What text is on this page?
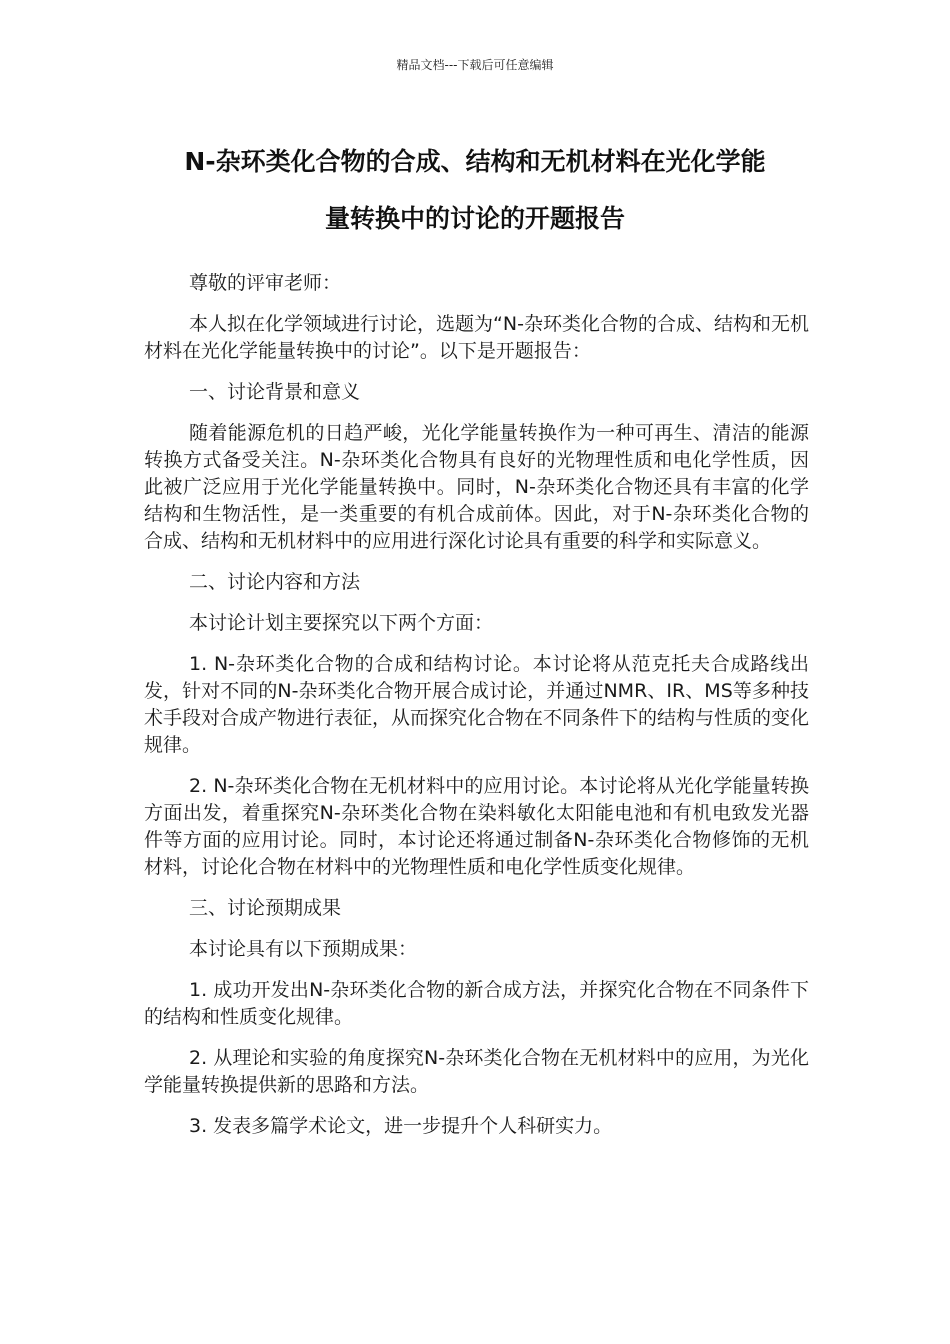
精品文档---下载后可任意编辑
N-杂环类化合物的合成、结构和无机材料在光化学能
量转换中的讨论的开题报告

尊敬的评审老师：

本人拟在化学领域进行讨论，选题为“N-杂环类化合物的合成、结构和无机材料在光化学能量转换中的讨论”。以下是开题报告：

一、讨论背景和意义

随着能源危机的日趋严峻，光化学能量转换作为一种可再生、清洁的能源转换方式备受关注。N-杂环类化合物具有良好的光物理性质和电化学性质，因此被广泛应用于光化学能量转换中。同时，N-杂环类化合物还具有丰富的化学结构和生物活性，是一类重要的有机合成前体。因此，对于N-杂环类化合物的合成、结构和无机材料中的应用进行深化讨论具有重要的科学和实际意义。

二、讨论内容和方法

本讨论计划主要探究以下两个方面：

1. N-杂环类化合物的合成和结构讨论。本讨论将从范克托夫合成路线出发，针对不同的N-杂环类化合物开展合成讨论，并通过NMR、IR、MS等多种技术手段对合成产物进行表征，从而探究化合物在不同条件下的结构与性质的变化规律。

2. N-杂环类化合物在无机材料中的应用讨论。本讨论将从光化学能量转换方面出发，着重探究N-杂环类化合物在染料敏化太阳能电池和有机电致发光器件等方面的应用讨论。同时，本讨论还将通过制备N-杂环类化合物修饰的无机材料，讨论化合物在材料中的光物理性质和电化学性质变化规律。

三、讨论预期成果

本讨论具有以下预期成果：

1. 成功开发出N-杂环类化合物的新合成方法，并探究化合物在不同条件下的结构和性质变化规律。

2. 从理论和实验的角度探究N-杂环类化合物在无机材料中的应用，为光化学能量转换提供新的思路和方法。

3. 发表多篇学术论文，进一步提升个人科研实力。
